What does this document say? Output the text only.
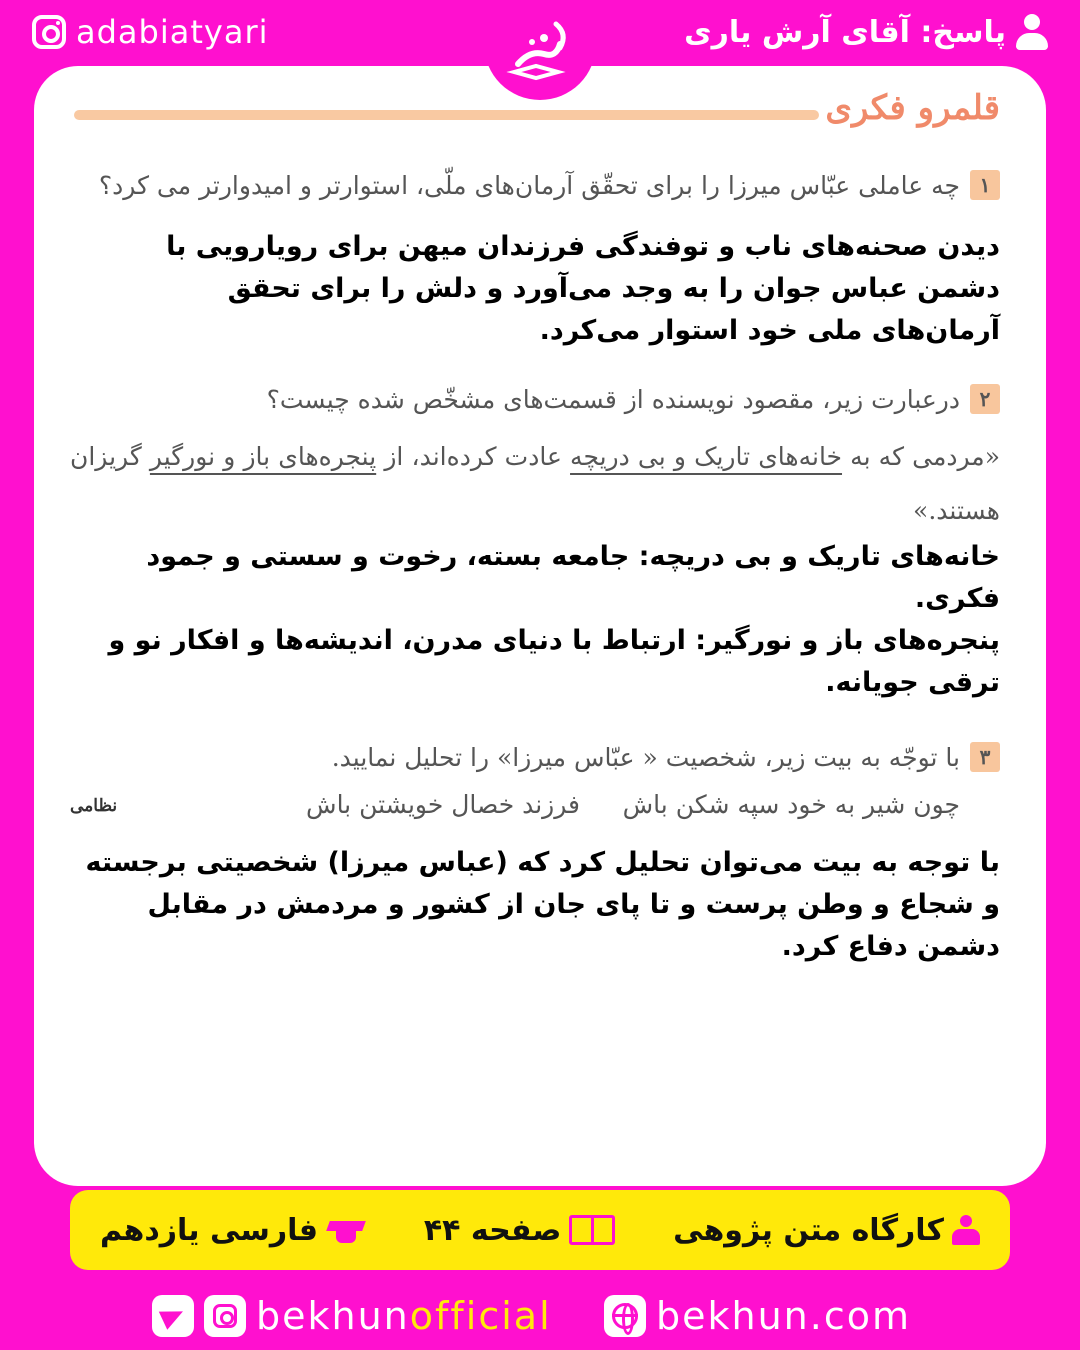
adabiatyari	پاسخ: آقای آرش یاری
قلمرو فکری
۱
چه عاملی عبّاس میرزا را برای تحقّق آرمان‌های ملّی، استوارتر و امیدوارتر می کرد؟
دیدن صحنه‌های ناب و توفندگی فرزندان میهن برای رویارویی با دشمن عباس جوان را به وجد می‌آورد و دلش را برای تحقق آرمان‌های ملی خود استوار می‌کرد.
۲
درعبارت زیر، مقصود نویسنده از قسمت‌های مشخّص شده چیست؟
«مردمی که به خانه‌های تاریک و بی دریچه عادت کرده‌اند، از پنجره‌های باز و نورگیر گریزان هستند.»
خانه‌های تاریک و بی دریچه: جامعه بسته، رخوت و سستی و جمود فکری.
پنجره‌های باز و نورگیر: ارتباط با دنیای مدرن، اندیشه‌ها و افکار نو و ترقی جویانه.
۳
با توجّه به بیت زیر، شخصیت « عبّاس میرزا» را تحلیل نمایید.
چون شیر به خود سپه شکن باش
فرزند خصال خویشتن باش
نظامی
با توجه به بیت می‌توان تحلیل کرد که (عباس میرزا) شخصیتی برجسته و شجاع و وطن پرست و تا پای جان از کشور و مردمش در مقابل دشمن دفاع کرد.
کارگاه متن پژوهی
صفحه ۴۴
فارسی یازدهم
bekhunofficial	bekhun.com
